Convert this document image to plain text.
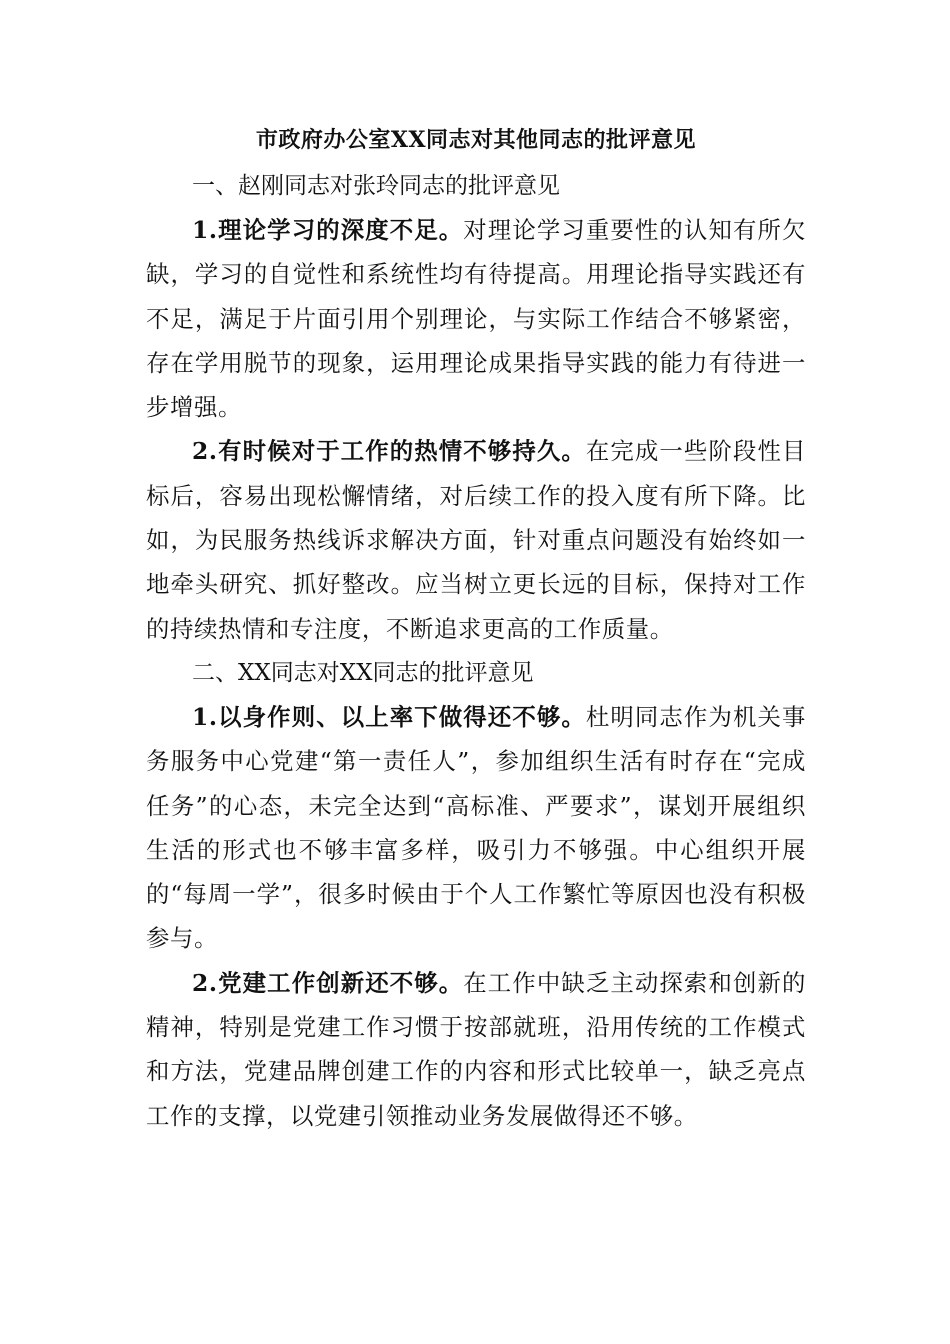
市政府办公室XX同志对其他同志的批评意见

一、赵刚同志对张玲同志的批评意见

1.理论学习的深度不足。对理论学习重要性的认知有所欠缺，学习的自觉性和系统性均有待提高。用理论指导实践还有不足，满足于片面引用个别理论，与实际工作结合不够紧密，存在学用脱节的现象，运用理论成果指导实践的能力有待进一步增强。

2.有时候对于工作的热情不够持久。在完成一些阶段性目标后，容易出现松懈情绪，对后续工作的投入度有所下降。比如，为民服务热线诉求解决方面，针对重点问题没有始终如一地牵头研究、抓好整改。应当树立更长远的目标，保持对工作的持续热情和专注度，不断追求更高的工作质量。

二、XX同志对XX同志的批评意见

1.以身作则、以上率下做得还不够。杜明同志作为机关事务服务中心党建“第一责任人”，参加组织生活有时存在“完成任务”的心态，未完全达到“高标准、严要求”，谋划开展组织生活的形式也不够丰富多样，吸引力不够强。中心组织开展的“每周一学”，很多时候由于个人工作繁忙等原因也没有积极参与。

2.党建工作创新还不够。在工作中缺乏主动探索和创新的精神，特别是党建工作习惯于按部就班，沿用传统的工作模式和方法，党建品牌创建工作的内容和形式比较单一，缺乏亮点工作的支撑，以党建引领推动业务发展做得还不够。
